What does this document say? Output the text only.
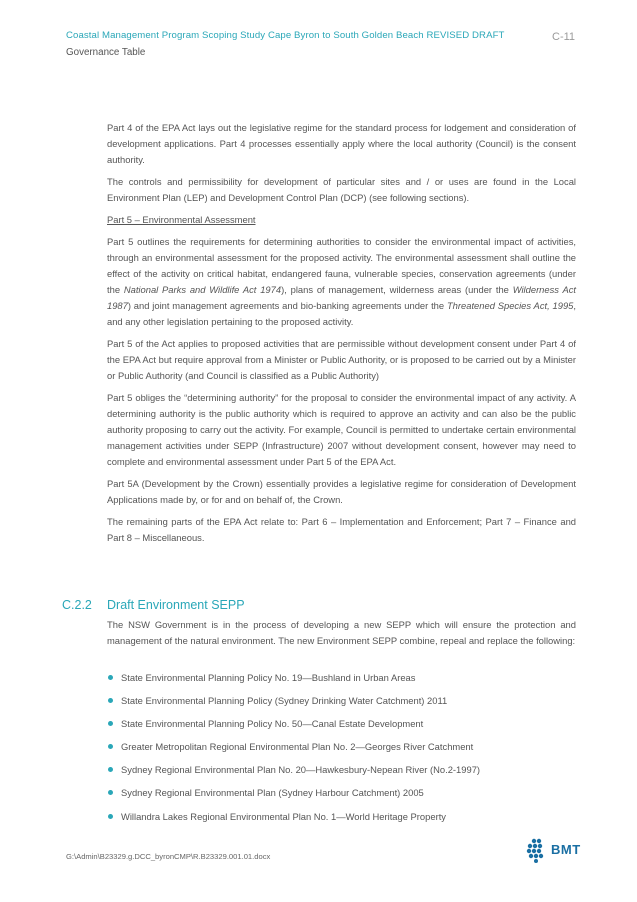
Coastal Management Program Scoping Study Cape Byron to South Golden Beach REVISED DRAFT	C-11
Governance Table

Part 4 of the EPA Act lays out the legislative regime for the standard process for lodgement and consideration of development applications. Part 4 processes essentially apply where the local authority (Council) is the consent authority.

The controls and permissibility for development of particular sites and / or uses are found in the Local Environment Plan (LEP) and Development Control Plan (DCP) (see following sections).

Part 5 – Environmental Assessment

Part 5 outlines the requirements for determining authorities to consider the environmental impact of activities, through an environmental assessment for the proposed activity. The environmental assessment shall outline the effect of the activity on critical habitat, endangered fauna, vulnerable species, conservation agreements (under the National Parks and Wildlife Act 1974), plans of management, wilderness areas (under the Wilderness Act 1987) and joint management agreements and bio-banking agreements under the Threatened Species Act, 1995, and any other legislation pertaining to the proposed activity.

Part 5 of the Act applies to proposed activities that are permissible without development consent under Part 4 of the EPA Act but require approval from a Minister or Public Authority, or is proposed to be carried out by a Minister or Public Authority (and Council is classified as a Public Authority)

Part 5 obliges the “determining authority” for the proposal to consider the environmental impact of any activity. A determining authority is the public authority which is required to approve an activity and can also be the public authority proposing to carry out the activity. For example, Council is permitted to undertake certain environmental management activities under SEPP (Infrastructure) 2007 without development consent, however may need to complete and environmental assessment under Part 5 of the EPA Act.

Part 5A (Development by the Crown) essentially provides a legislative regime for consideration of Development Applications made by, or for and on behalf of, the Crown.

The remaining parts of the EPA Act relate to: Part 6 – Implementation and Enforcement; Part 7 – Finance and Part 8 – Miscellaneous.

C.2.2 Draft Environment SEPP

The NSW Government is in the process of developing a new SEPP which will ensure the protection and management of the natural environment. The new Environment SEPP combine, repeal and replace the following:

State Environmental Planning Policy No. 19—Bushland in Urban Areas
State Environmental Planning Policy (Sydney Drinking Water Catchment) 2011
State Environmental Planning Policy No. 50—Canal Estate Development
Greater Metropolitan Regional Environmental Plan No. 2—Georges River Catchment
Sydney Regional Environmental Plan No. 20—Hawkesbury-Nepean River (No.2-1997)
Sydney Regional Environmental Plan (Sydney Harbour Catchment) 2005
Willandra Lakes Regional Environmental Plan No. 1—World Heritage Property
G:\Admin\B23329.g.DCC_byronCMP\R.B23329.001.01.docx	BMT
